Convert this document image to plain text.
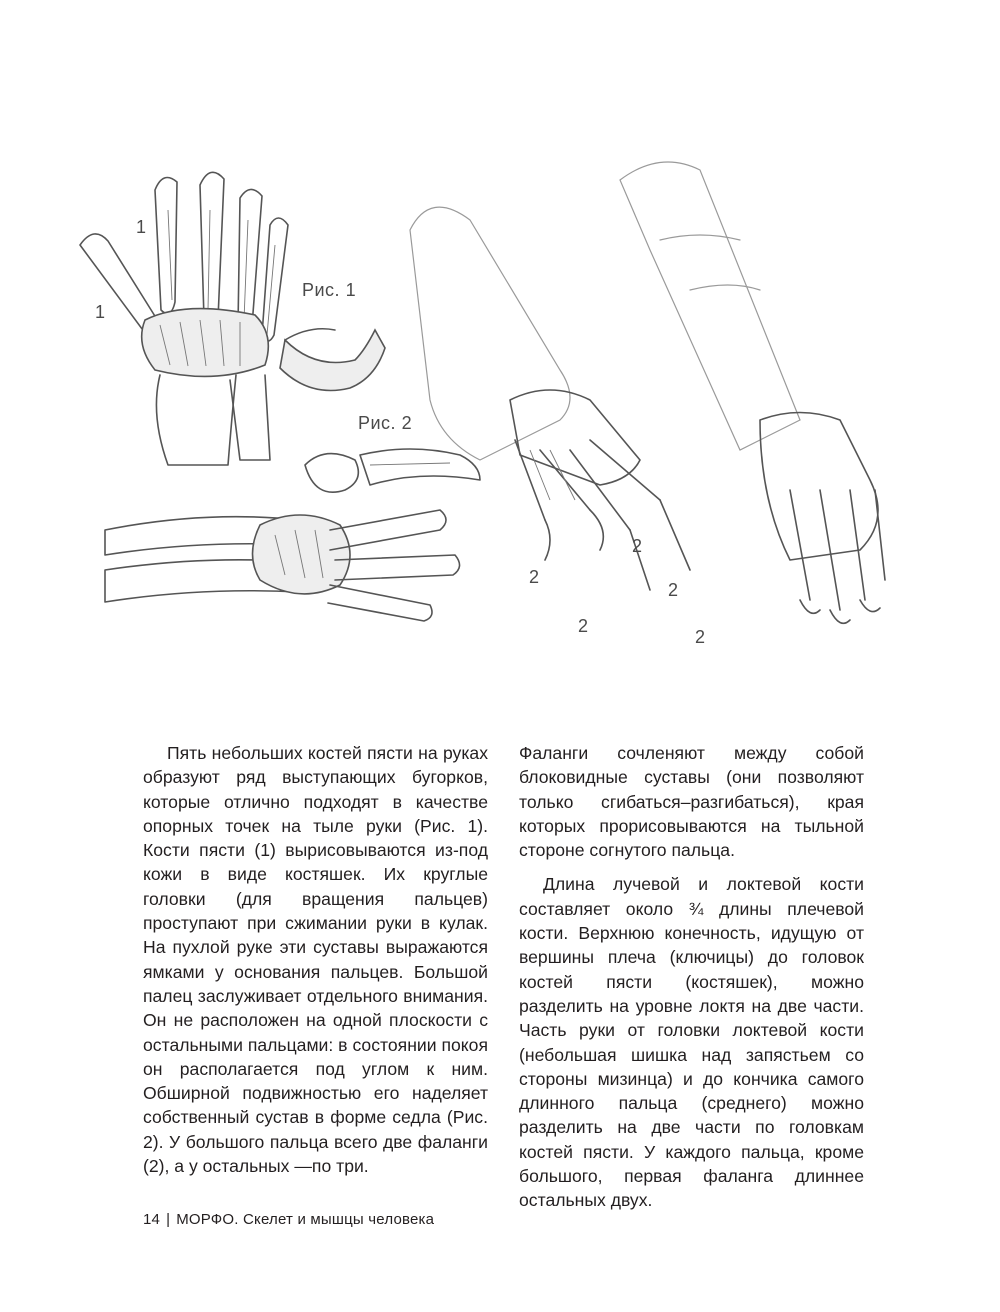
Рис. 1
Рис. 2
1
1
2
2
2
2
2

Пять небольших костей пясти на руках образуют ряд выступающих бугорков, которые отлично подходят в качестве опорных точек на тыле руки (Рис. 1). Кости пясти (1) вырисовываются из-под кожи в виде костяшек. Их круглые головки (для вращения пальцев) проступают при сжимании руки в кулак. На пухлой руке эти суставы выражаются ямками у основания пальцев. Большой палец заслуживает отдельного внимания. Он не расположен на одной плоскости с остальными пальцами: в состоянии покоя он располагается под углом к ним. Обширной подвижностью его наделяет собственный сустав в форме седла (Рис. 2). У большого пальца всего две фаланги (2), а у остальных —по три.

Фаланги сочленяют между собой блоковидные суставы (они позволяют только сгибаться–разгибаться), края которых прорисовываются на тыльной стороне согнутого пальца.

Длина лучевой и локтевой кости составляет около ¾ длины плечевой кости. Верхнюю конечность, идущую от вершины плеча (ключицы) до головок костей пясти (костяшек), можно разделить на уровне локтя на две части. Часть руки от головки локтевой кости (небольшая шишка над запястьем со стороны мизинца) и до кончика самого длинного пальца (среднего) можно разделить на две части по головкам костей пясти. У каждого пальца, кроме большого, первая фаланга длиннее остальных двух.

14 | МОРФО. Скелет и мышцы человека
